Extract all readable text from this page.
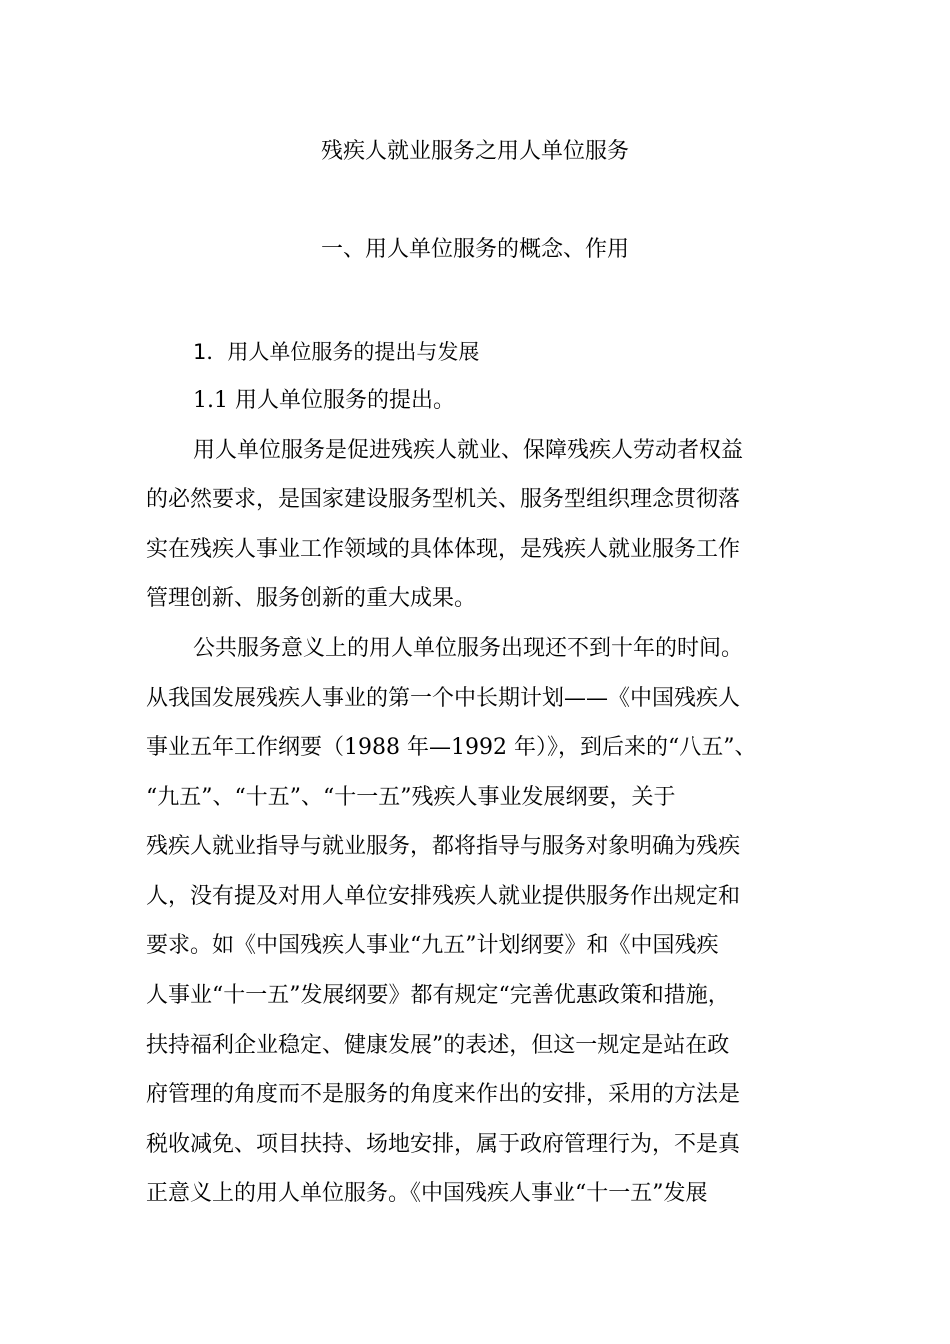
残疾人就业服务之用人单位服务
一、用人单位服务的概念、作用
1．用人单位服务的提出与发展
1.1 用人单位服务的提出。
用人单位服务是促进残疾人就业、保障残疾人劳动者权益
的必然要求，是国家建设服务型机关、服务型组织理念贯彻落
实在残疾人事业工作领域的具体体现，是残疾人就业服务工作
管理创新、服务创新的重大成果。
公共服务意义上的用人单位服务出现还不到十年的时间。
从我国发展残疾人事业的第一个中长期计划——《中国残疾人
事业五年工作纲要（1988 年—1992 年）》，到后来的“八五”、
“九五”、“十五”、“十一五”残疾人事业发展纲要，关于
残疾人就业指导与就业服务，都将指导与服务对象明确为残疾
人，没有提及对用人单位安排残疾人就业提供服务作出规定和
要求。如《中国残疾人事业“九五”计划纲要》和《中国残疾
人事业“十一五”发展纲要》都有规定“完善优惠政策和措施，
扶持福利企业稳定、健康发展”的表述，但这一规定是站在政
府管理的角度而不是服务的角度来作出的安排，采用的方法是
税收减免、项目扶持、场地安排，属于政府管理行为，不是真
正意义上的用人单位服务。《中国残疾人事业“十一五”发展
